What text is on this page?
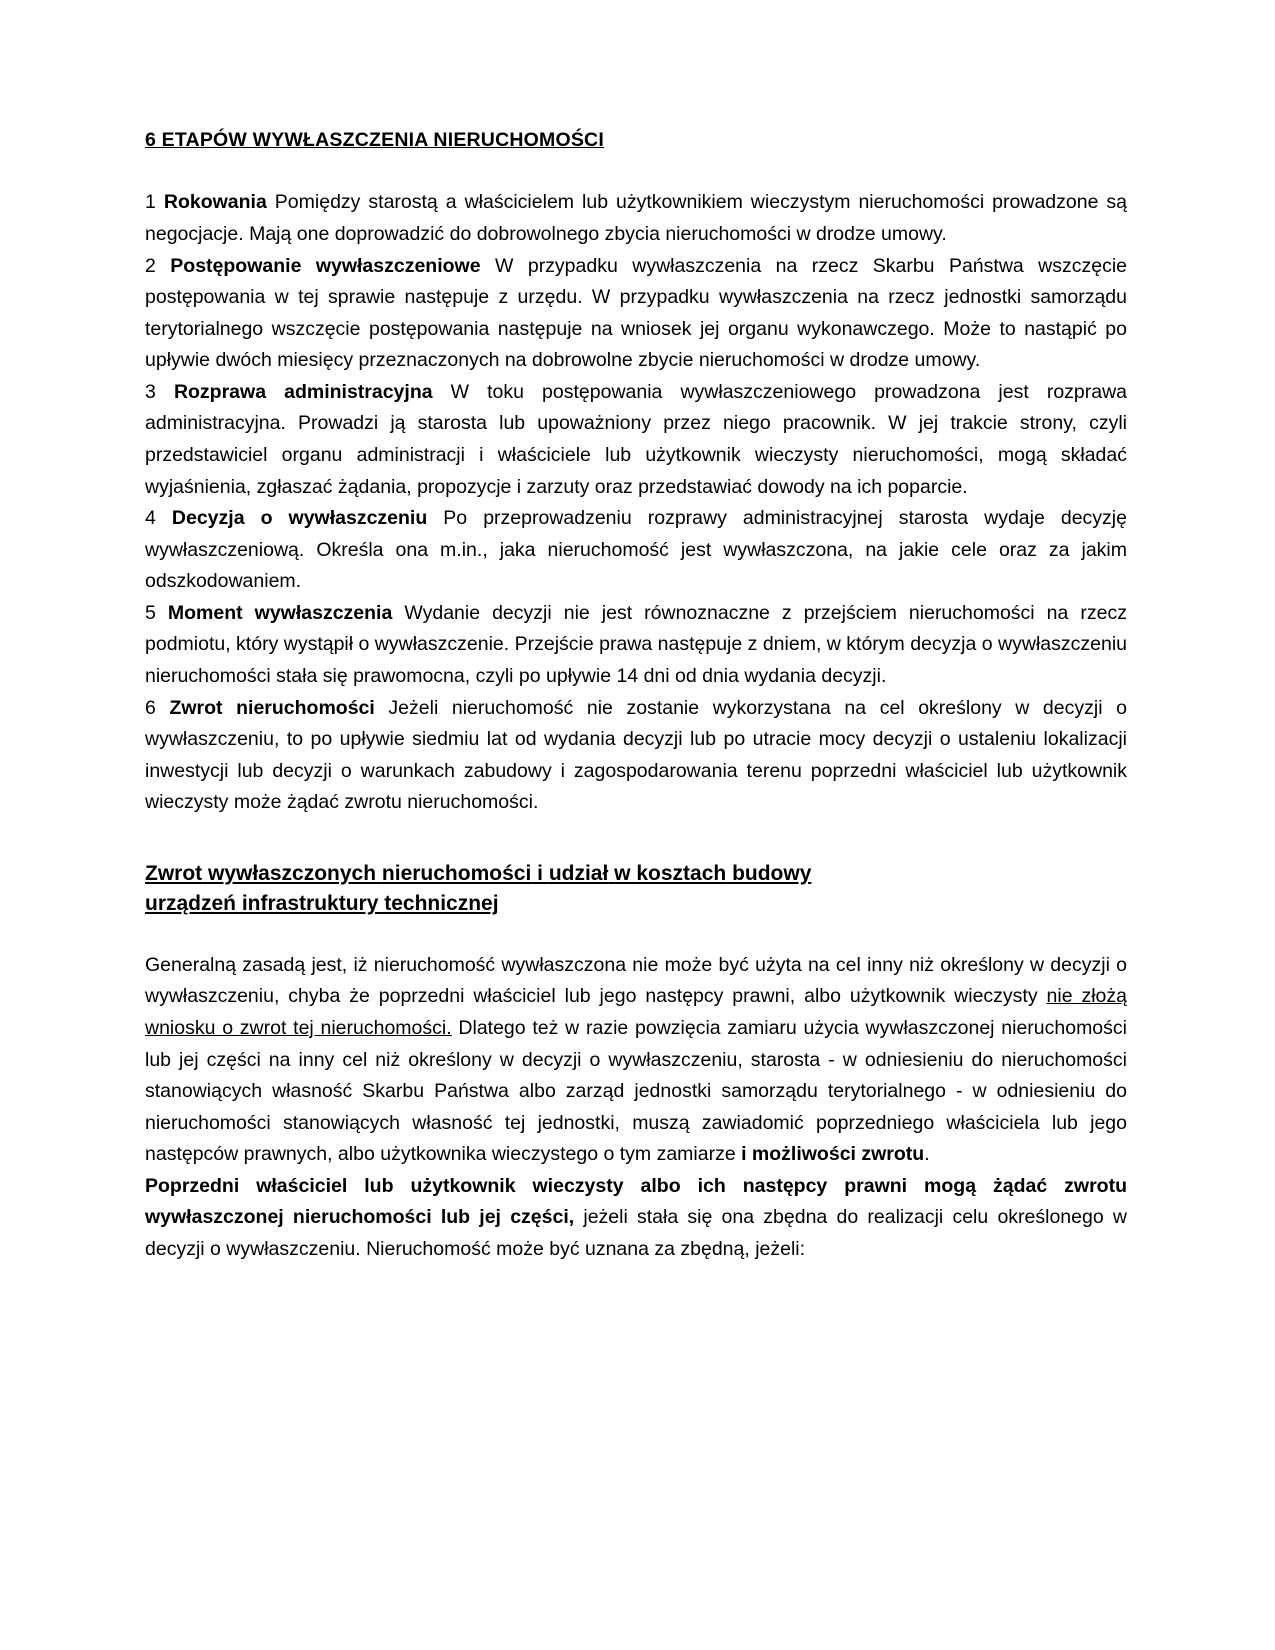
6 ETAPÓW WYWŁASZCZENIA NIERUCHOMOŚCI

1 Rokowania Pomiędzy starostą a właścicielem lub użytkownikiem wieczystym nieruchomości prowadzone są negocjacje. Mają one doprowadzić do dobrowolnego zbycia nieruchomości w drodze umowy.

2 Postępowanie wywłaszczeniowe W przypadku wywłaszczenia na rzecz Skarbu Państwa wszczęcie postępowania w tej sprawie następuje z urzędu. W przypadku wywłaszczenia na rzecz jednostki samorządu terytorialnego wszczęcie postępowania następuje na wniosek jej organu wykonawczego. Może to nastąpić po upływie dwóch miesięcy przeznaczonych na dobrowolne zbycie nieruchomości w drodze umowy.

3 Rozprawa administracyjna W toku postępowania wywłaszczeniowego prowadzona jest rozprawa administracyjna. Prowadzi ją starosta lub upoważniony przez niego pracownik. W jej trakcie strony, czyli przedstawiciel organu administracji i właściciele lub użytkownik wieczysty nieruchomości, mogą składać wyjaśnienia, zgłaszać żądania, propozycje i zarzuty oraz przedstawiać dowody na ich poparcie.

4 Decyzja o wywłaszczeniu Po przeprowadzeniu rozprawy administracyjnej starosta wydaje decyzję wywłaszczeniową. Określa ona m.in., jaka nieruchomość jest wywłaszczona, na jakie cele oraz za jakim odszkodowaniem.

5 Moment wywłaszczenia Wydanie decyzji nie jest równoznaczne z przejściem nieruchomości na rzecz podmiotu, który wystąpił o wywłaszczenie. Przejście prawa następuje z dniem, w którym decyzja o wywłaszczeniu nieruchomości stała się prawomocna, czyli po upływie 14 dni od dnia wydania decyzji.

6 Zwrot nieruchomości Jeżeli nieruchomość nie zostanie wykorzystana na cel określony w decyzji o wywłaszczeniu, to po upływie siedmiu lat od wydania decyzji lub po utracie mocy decyzji o ustaleniu lokalizacji inwestycji lub decyzji o warunkach zabudowy i zagospodarowania terenu poprzedni właściciel lub użytkownik wieczysty może żądać zwrotu nieruchomości.

Zwrot wywłaszczonych nieruchomości i udział w kosztach budowy
urządzeń infrastruktury technicznej

Generalną zasadą jest, iż nieruchomość wywłaszczona nie może być użyta na cel inny niż określony w decyzji o wywłaszczeniu, chyba że poprzedni właściciel lub jego następcy prawni, albo użytkownik wieczysty nie złożą wniosku o zwrot tej nieruchomości. Dlatego też w razie powzięcia zamiaru użycia wywłaszczonej nieruchomości lub jej części na inny cel niż określony w decyzji o wywłaszczeniu, starosta - w odniesieniu do nieruchomości stanowiących własność Skarbu Państwa albo zarząd jednostki samorządu terytorialnego - w odniesieniu do nieruchomości stanowiących własność tej jednostki, muszą zawiadomić poprzedniego właściciela lub jego następców prawnych, albo użytkownika wieczystego o tym zamiarze i możliwości zwrotu.

Poprzedni właściciel lub użytkownik wieczysty albo ich następcy prawni mogą żądać zwrotu wywłaszczonej nieruchomości lub jej części, jeżeli stała się ona zbędna do realizacji celu określonego w decyzji o wywłaszczeniu. Nieruchomość może być uznana za zbędną, jeżeli:
